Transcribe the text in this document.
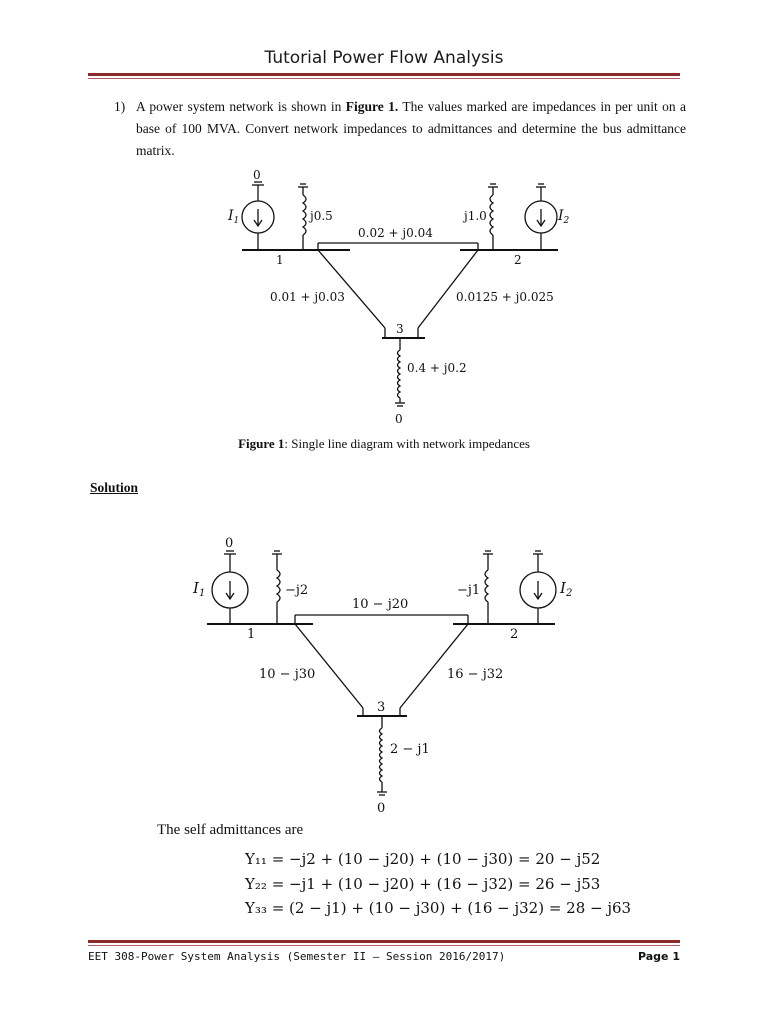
Tutorial Power Flow Analysis
1) A power system network is shown in Figure 1. The values marked are impedances in per unit on a base of 100 MVA. Convert network impedances to admittances and determine the bus admittance matrix.
0
$I_1$	j0.5
0.02 + j0.04
j1.0	$I_2$
1	2
0.01 + j0.03	0.0125 + j0.025
3
0.4 + j0.2
0
Figure 1: Single line diagram with network impedances
Solution
0
$I_1$	−j2
10 − j20
−j1	$I_2$
1	2
10 − j30	16 − j32
3
2 − j1
0
The self admittances are
Y₁₁ = −j2 + (10 − j20) + (10 − j30) = 20 − j52
Y₂₂ = −j1 + (10 − j20) + (16 − j32) = 26 − j53
Y₃₃ = (2 − j1) + (10 − j30) + (16 − j32) = 28 − j63
EET 308-Power System Analysis (Semester II – Session 2016/2017)	Page 1
